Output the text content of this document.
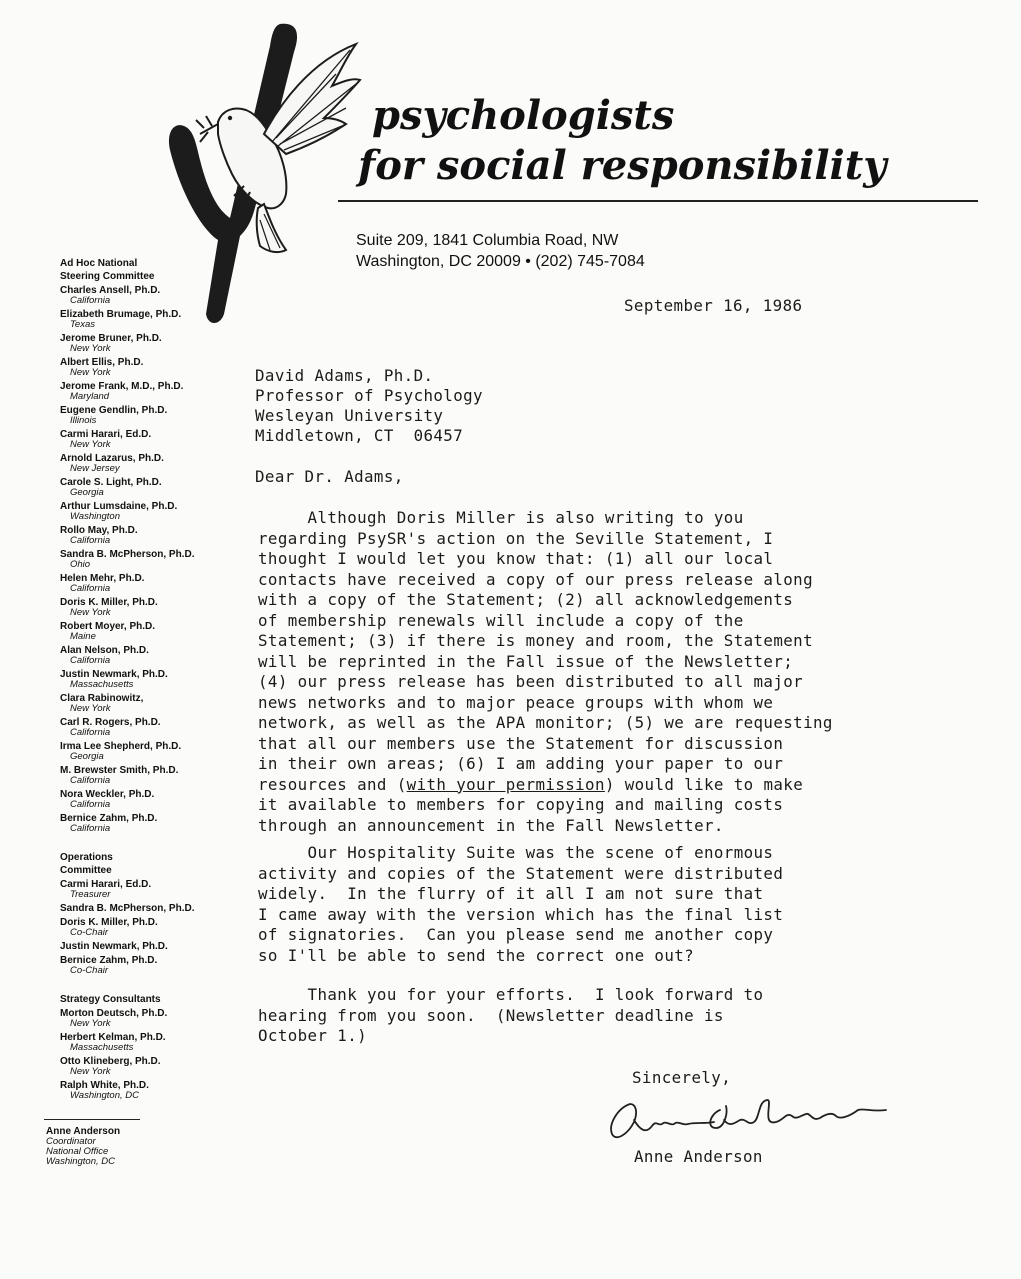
psychologists
for social responsibility
Suite 209, 1841 Columbia Road, NW
Washington, DC 20009 • (202) 745-7084
Ad Hoc National
Steering Committee
Charles Ansell, Ph.D.
California
Elizabeth Brumage, Ph.D.
Texas
Jerome Bruner, Ph.D.
New York
Albert Ellis, Ph.D.
New York
Jerome Frank, M.D., Ph.D.
Maryland
Eugene Gendlin, Ph.D.
Illinois
Carmi Harari, Ed.D.
New York
Arnold Lazarus, Ph.D.
New Jersey
Carole S. Light, Ph.D.
Georgia
Arthur Lumsdaine, Ph.D.
Washington
Rollo May, Ph.D.
California
Sandra B. McPherson, Ph.D.
Ohio
Helen Mehr, Ph.D.
California
Doris K. Miller, Ph.D.
New York
Robert Moyer, Ph.D.
Maine
Alan Nelson, Ph.D.
California
Justin Newmark, Ph.D.
Massachusetts
Clara Rabinowitz,
New York
Carl R. Rogers, Ph.D.
California
Irma Lee Shepherd, Ph.D.
Georgia
M. Brewster Smith, Ph.D.
California
Nora Weckler, Ph.D.
California
Bernice Zahm, Ph.D.
California
Operations
Committee
Carmi Harari, Ed.D.
Treasurer
Sandra B. McPherson, Ph.D.
Doris K. Miller, Ph.D.
Co-Chair
Justin Newmark, Ph.D.
Bernice Zahm, Ph.D.
Co-Chair
Strategy Consultants
Morton Deutsch, Ph.D.
New York
Herbert Kelman, Ph.D.
Massachusetts
Otto Klineberg, Ph.D.
New York
Ralph White, Ph.D.
Washington, DC
Anne Anderson
Coordinator
National Office
Washington, DC
September 16, 1986
David Adams, Ph.D.
Professor of Psychology
Wesleyan University
Middletown, CT  06457
Dear Dr. Adams,
Although Doris Miller is also writing to you
regarding PsySR's action on the Seville Statement, I
thought I would let you know that: (1) all our local
contacts have received a copy of our press release along
with a copy of the Statement; (2) all acknowledgements
of membership renewals will include a copy of the
Statement; (3) if there is money and room, the Statement
will be reprinted in the Fall issue of the Newsletter;
(4) our press release has been distributed to all major
news networks and to major peace groups with whom we
network, as well as the APA monitor; (5) we are requesting
that all our members use the Statement for discussion
in their own areas; (6) I am adding your paper to our
resources and (with your permission) would like to make
it available to members for copying and mailing costs
through an announcement in the Fall Newsletter.
Our Hospitality Suite was the scene of enormous
activity and copies of the Statement were distributed
widely.  In the flurry of it all I am not sure that
I came away with the version which has the final list
of signatories.  Can you please send me another copy
so I'll be able to send the correct one out?
Thank you for your efforts.  I look forward to
hearing from you soon.  (Newsletter deadline is
October 1.)
Sincerely,
Anne Anderson
